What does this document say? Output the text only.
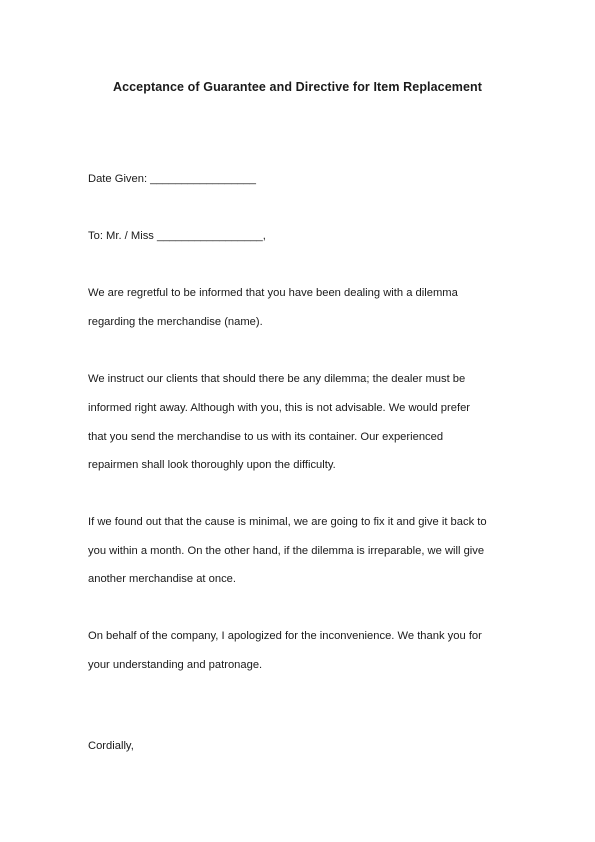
Acceptance of Guarantee and Directive for Item Replacement
Date Given: _________________
To: Mr. / Miss _________________,
We are regretful to be informed that you have been dealing with a dilemma
regarding the merchandise (name).
We instruct our clients that should there be any dilemma; the dealer must be
informed right away. Although with you, this is not advisable. We would prefer
that you send the merchandise to us with its container. Our experienced
repairmen shall look thoroughly upon the difficulty.
If we found out that the cause is minimal, we are going to fix it and give it back to
you within a month. On the other hand, if the dilemma is irreparable, we will give
another merchandise at once.
On behalf of the company, I apologized for the inconvenience. We thank you for
your understanding and patronage.
Cordially,
